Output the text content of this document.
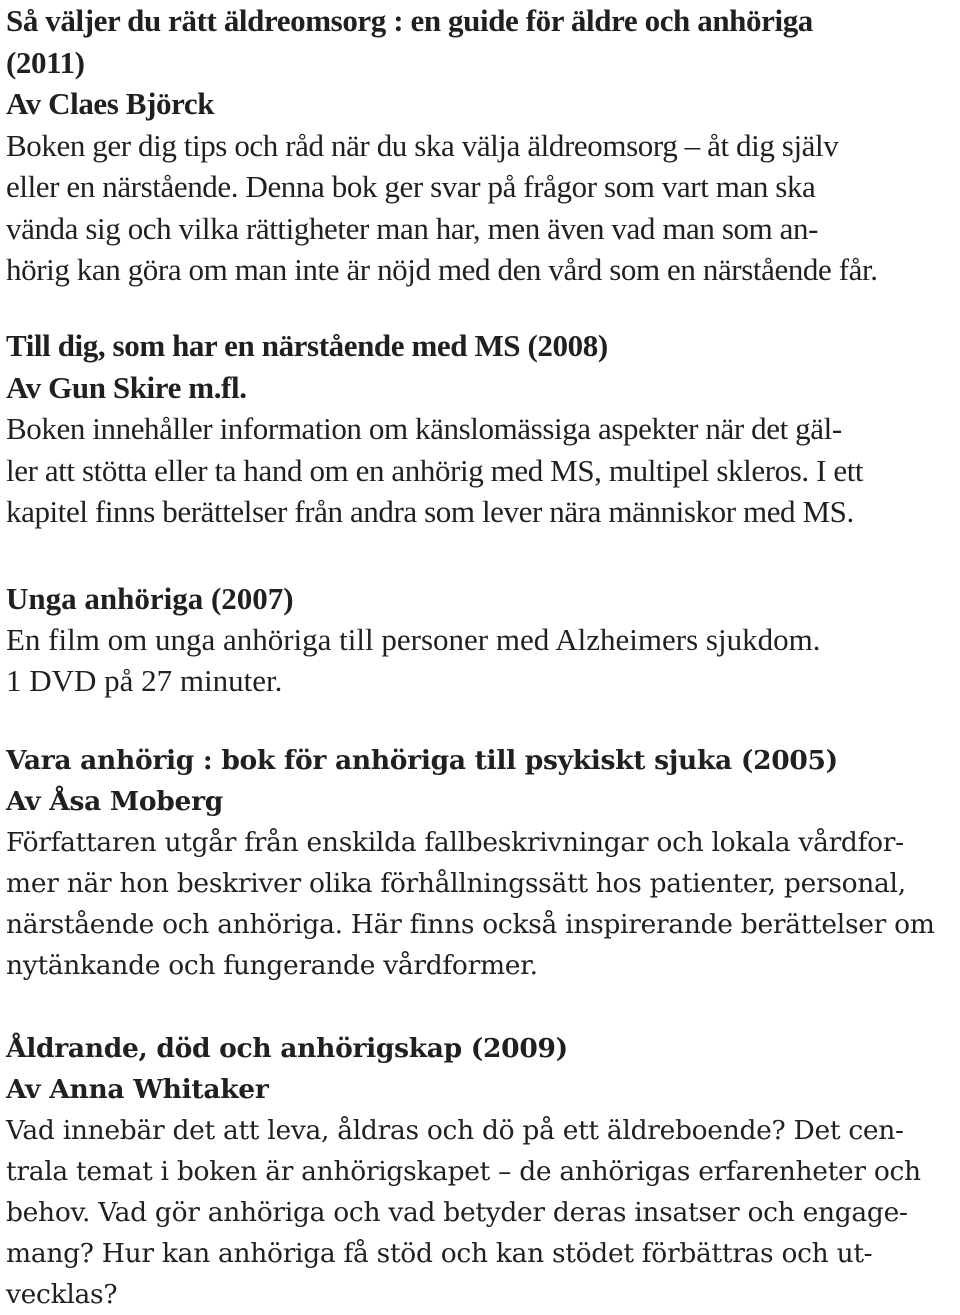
Så väljer du rätt äldreomsorg : en guide för äldre och anhöriga
(2011)
Av Claes Björck
Boken ger dig tips och råd när du ska välja äldreomsorg – åt dig själv
eller en närstående. Denna bok ger svar på frågor som vart man ska
vända sig och vilka rättigheter man har, men även vad man som an-
hörig kan göra om man inte är nöjd med den vård som en närstående får.
Till dig, som har en närstående med MS (2008)
Av Gun Skire m.fl.
Boken innehåller information om känslomässiga aspekter när det gäl-
ler att stötta eller ta hand om en anhörig med MS, multipel skleros. I ett
kapitel finns berättelser från andra som lever nära människor med MS.
Unga anhöriga (2007)
En film om unga anhöriga till personer med Alzheimers sjukdom.
1 DVD på 27 minuter.
Vara anhörig : bok för anhöriga till psykiskt sjuka (2005)
Av Åsa Moberg
Författaren utgår från enskilda fallbeskrivningar och lokala vårdfor-
mer när hon beskriver olika förhållningssätt hos patienter, personal,
närstående och anhöriga. Här finns också inspirerande berättelser om
nytänkande och fungerande vårdformer.
Åldrande, död och anhörigskap (2009)
Av Anna Whitaker
Vad innebär det att leva, åldras och dö på ett äldreboende? Det cen-
trala temat i boken är anhörigskapet – de anhörigas erfarenheter och
behov. Vad gör anhöriga och vad betyder deras insatser och engage-
mang? Hur kan anhöriga få stöd och kan stödet förbättras och ut-
vecklas?
